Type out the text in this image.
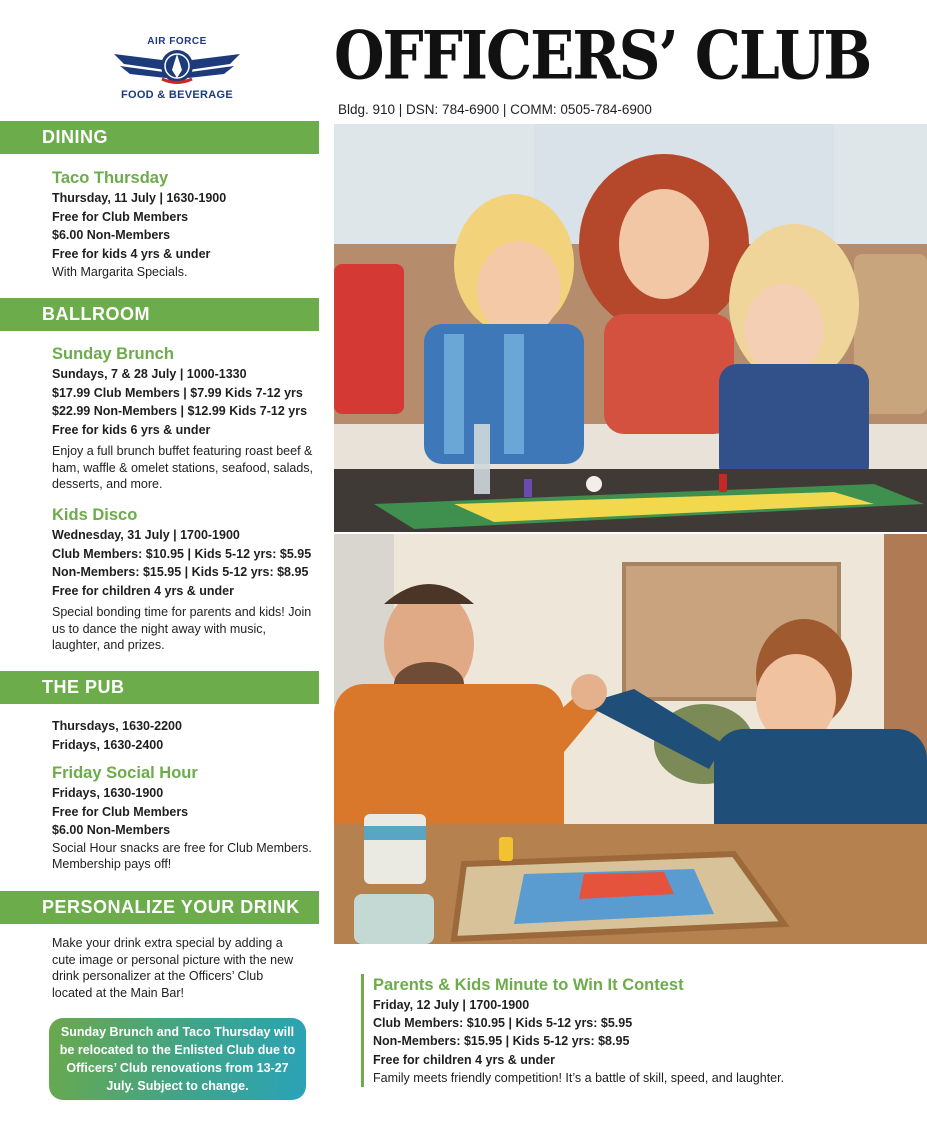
AIR FORCE
FOOD & BEVERAGE
OFFICERS’ CLUB
Bldg. 910 | DSN: 784-6900 | COMM: 0505-784-6900
DINING
Taco Thursday
Thursday, 11 July | 1630-1900
Free for Club Members
$6.00 Non-Members
Free for kids 4 yrs & under
With Margarita Specials.
BALLROOM
Sunday Brunch
Sundays, 7 & 28 July | 1000-1330
$17.99 Club Members | $7.99 Kids 7-12 yrs
$22.99 Non-Members | $12.99 Kids 7-12 yrs
Free for kids 6 yrs & under
Enjoy a full brunch buffet featuring roast beef & ham, waffle & omelet stations, seafood, salads, desserts, and more.
Kids Disco
Wednesday, 31 July | 1700-1900
Club Members: $10.95 | Kids 5-12 yrs: $5.95
Non-Members: $15.95 | Kids 5-12 yrs: $8.95
Free for children 4 yrs & under
Special bonding time for parents and kids! Join us to dance the night away with music, laughter, and prizes.
THE PUB
Thursdays, 1630-2200
Fridays, 1630-2400
Friday Social Hour
Fridays, 1630-1900
Free for Club Members
$6.00 Non-Members
Social Hour snacks are free for Club Members. Membership pays off!
PERSONALIZE YOUR DRINK
Make your drink extra special by adding a cute image or personal picture with the new drink personalizer at the Officers’ Club located at the Main Bar!
Sunday Brunch and Taco Thursday will be relocated to the Enlisted Club due to Officers’ Club renovations from 13-27 July. Subject to change.
Parents & Kids Minute to Win It Contest
Friday, 12 July | 1700-1900
Club Members: $10.95 | Kids 5-12 yrs: $5.95
Non-Members: $15.95 | Kids 5-12 yrs: $8.95
Free for children 4 yrs & under
Family meets friendly competition! It’s a battle of skill, speed, and laughter.
